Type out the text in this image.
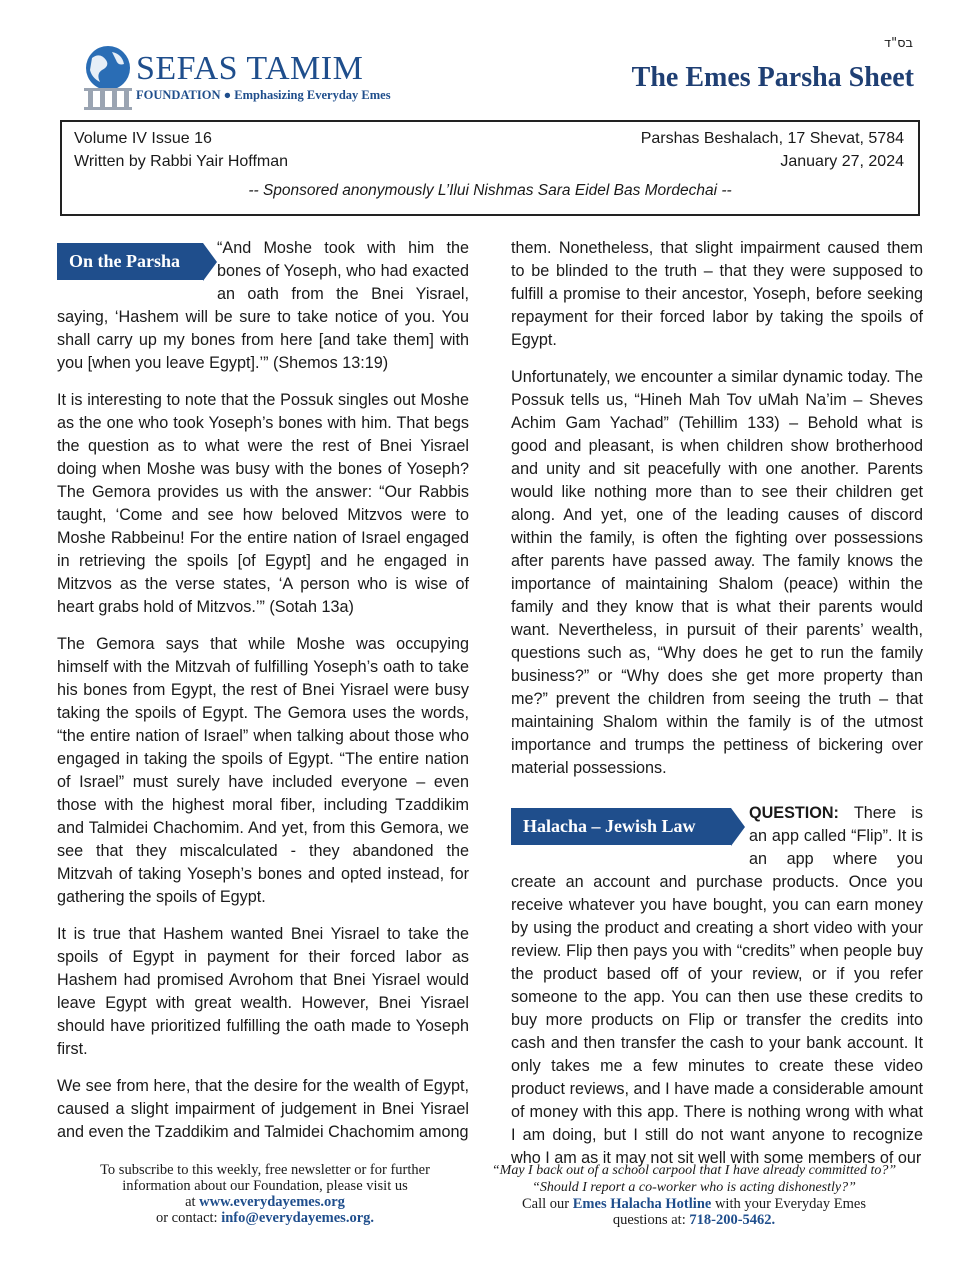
בס"ד
SEFAS TAMIM
FOUNDATION ● Emphasizing Everyday Emes
The Emes Parsha Sheet
Volume IV Issue 16
Written by Rabbi Yair Hoffman
Parshas Beshalach, 17 Shevat, 5784
January 27, 2024
-- Sponsored anonymously L’Ilui Nishmas Sara Eidel Bas Mordechai --
On the Parsha

“And Moshe took with him the bones of Yoseph, who had exacted an oath from the Bnei Yisrael, saying, ‘Hashem will be sure to take notice of you. You shall carry up my bones from here [and take them] with you [when you leave Egypt].’” (Shemos 13:19)

It is interesting to note that the Possuk singles out Moshe as the one who took Yoseph’s bones with him. That begs the question as to what were the rest of Bnei Yisrael doing when Moshe was busy with the bones of Yoseph? The Gemora provides us with the answer: “Our Rabbis taught, ‘Come and see how beloved Mitzvos were to Moshe Rabbeinu! For the entire nation of Israel engaged in retrieving the spoils [of Egypt] and he engaged in Mitzvos as the verse states, ‘A person who is wise of heart grabs hold of Mitzvos.’” (Sotah 13a)

The Gemora says that while Moshe was occupying himself with the Mitzvah of fulfilling Yoseph’s oath to take his bones from Egypt, the rest of Bnei Yisrael were busy taking the spoils of Egypt. The Gemora uses the words, “the entire nation of Israel” when talking about those who engaged in taking the spoils of Egypt. “The entire nation of Israel” must surely have included everyone – even those with the highest moral fiber, including Tzaddikim and Talmidei Chachomim. And yet, from this Gemora, we see that they miscalculated - they abandoned the Mitzvah of taking Yoseph’s bones and opted instead, for gathering the spoils of Egypt.

It is true that Hashem wanted Bnei Yisrael to take the spoils of Egypt in payment for their forced labor as Hashem had promised Avrohom that Bnei Yisrael would leave Egypt with great wealth. However, Bnei Yisrael should have prioritized fulfilling the oath made to Yoseph first.

We see from here, that the desire for the wealth of Egypt, caused a slight impairment of judgement in Bnei Yisrael and even the Tzaddikim and Talmidei Chachomim among

them. Nonetheless, that slight impairment caused them to be blinded to the truth – that they were supposed to fulfill a promise to their ancestor, Yoseph, before seeking repayment for their forced labor by taking the spoils of Egypt.

Unfortunately, we encounter a similar dynamic today. The Possuk tells us, “Hineh Mah Tov uMah Na’im – Sheves Achim Gam Yachad” (Tehillim 133) – Behold what is good and pleasant, is when children show brotherhood and unity and sit peacefully with one another. Parents would like nothing more than to see their children get along. And yet, one of the leading causes of discord within the family, is often the fighting over possessions after parents have passed away. The family knows the importance of maintaining Shalom (peace) within the family and they know that is what their parents would want. Nevertheless, in pursuit of their parents’ wealth, questions such as, “Why does he get to run the family business?” or “Why does she get more property than me?” prevent the children from seeing the truth – that maintaining Shalom within the family is of the utmost importance and trumps the pettiness of bickering over material possessions.

Halacha – Jewish Law

QUESTION: There is an app called “Flip”. It is an app where you create an account and purchase products. Once you receive whatever you have bought, you can earn money by using the product and creating a short video with your review. Flip then pays you with “credits” when people buy the product based off of your review, or if you refer someone to the app. You can then use these credits to buy more products on Flip or transfer the credits into cash and then transfer the cash to your bank account. It only takes me a few minutes to create these video product reviews, and I have made a considerable amount of money with this app. There is nothing wrong with what I am doing, but I still do not want anyone to recognize who I am as it may not sit well with some members of our

To subscribe to this weekly, free newsletter or for further
information about our Foundation, please visit us
at www.everydayemes.org
or contact: info@everydayemes.org.
“May I back out of a school carpool that I have already committed to?”
“Should I report a co-worker who is acting dishonestly?”
Call our Emes Halacha Hotline with your Everyday Emes
questions at: 718-200-5462.
